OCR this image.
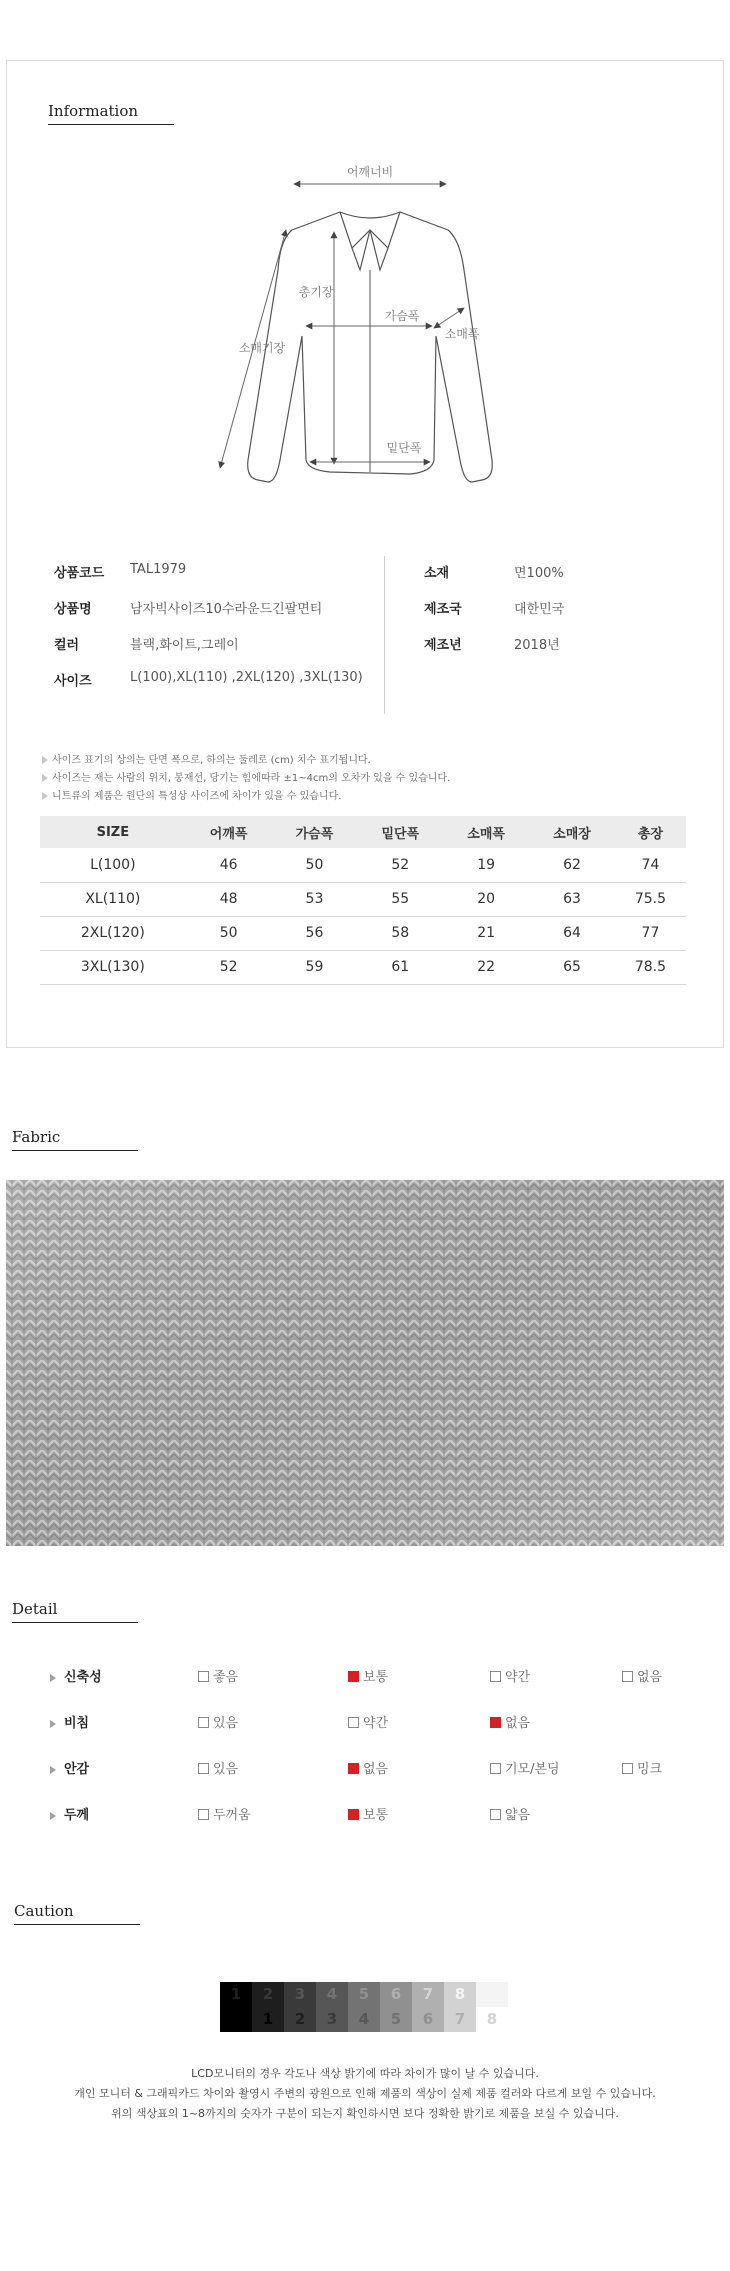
Information
어깨너비
총기장
가슴폭
소매폭
소매기장
밑단폭
상품코드 TAL1979
상품명	남자빅사이즈10수라운드긴팔면티
컬러	블랙,화이트,그레이
사이즈	L(100),XL(110) ,2XL(120) ,3XL(130)
소재	면100%
제조국	대한민국
제조년	2018년
사이즈 표기의 상의는 단면 폭으로, 하의는 둘레로 (cm) 치수 표기됩니다.
사이즈는 재는 사람의 위치, 봉재선, 당기는 힘에따라 ±1~4cm의 오차가 있을 수 있습니다.
니트류의 제품은 원단의 특성상 사이즈에 차이가 있을 수 있습니다.
SIZE	어깨폭	가슴폭	밑단폭	소매폭	소매장	총장
L(100)	46	50	52	19	62	74
XL(110)	48	53	55	20	63	75.5
2XL(120)	50	56	58	21	64	77
3XL(130)	52	59	61	22	65	78.5
Fabric
Detail
신축성	좋음	보통	약간	없음
비침	있음	약간	없음
안감	있음	없음	기모/본딩	밍크
두께	두꺼움	보통	얇음
Caution
1	2	3	4	5	6	7	8
1	2	3	4	5	6	7	8
LCD모니터의 경우 각도나 색상 밝기에 따라 차이가 많이 날 수 있습니다.
개인 모니터 & 그래픽카드 차이와 촬영시 주변의 광원으로 인해 제품의 색상이 실제 제품 컬러와 다르게 보일 수 있습니다.
위의 색상표의 1~8까지의 숫자가 구분이 되는지 확인하시면 보다 정확한 밝기로 제품을 보실 수 있습니다.
